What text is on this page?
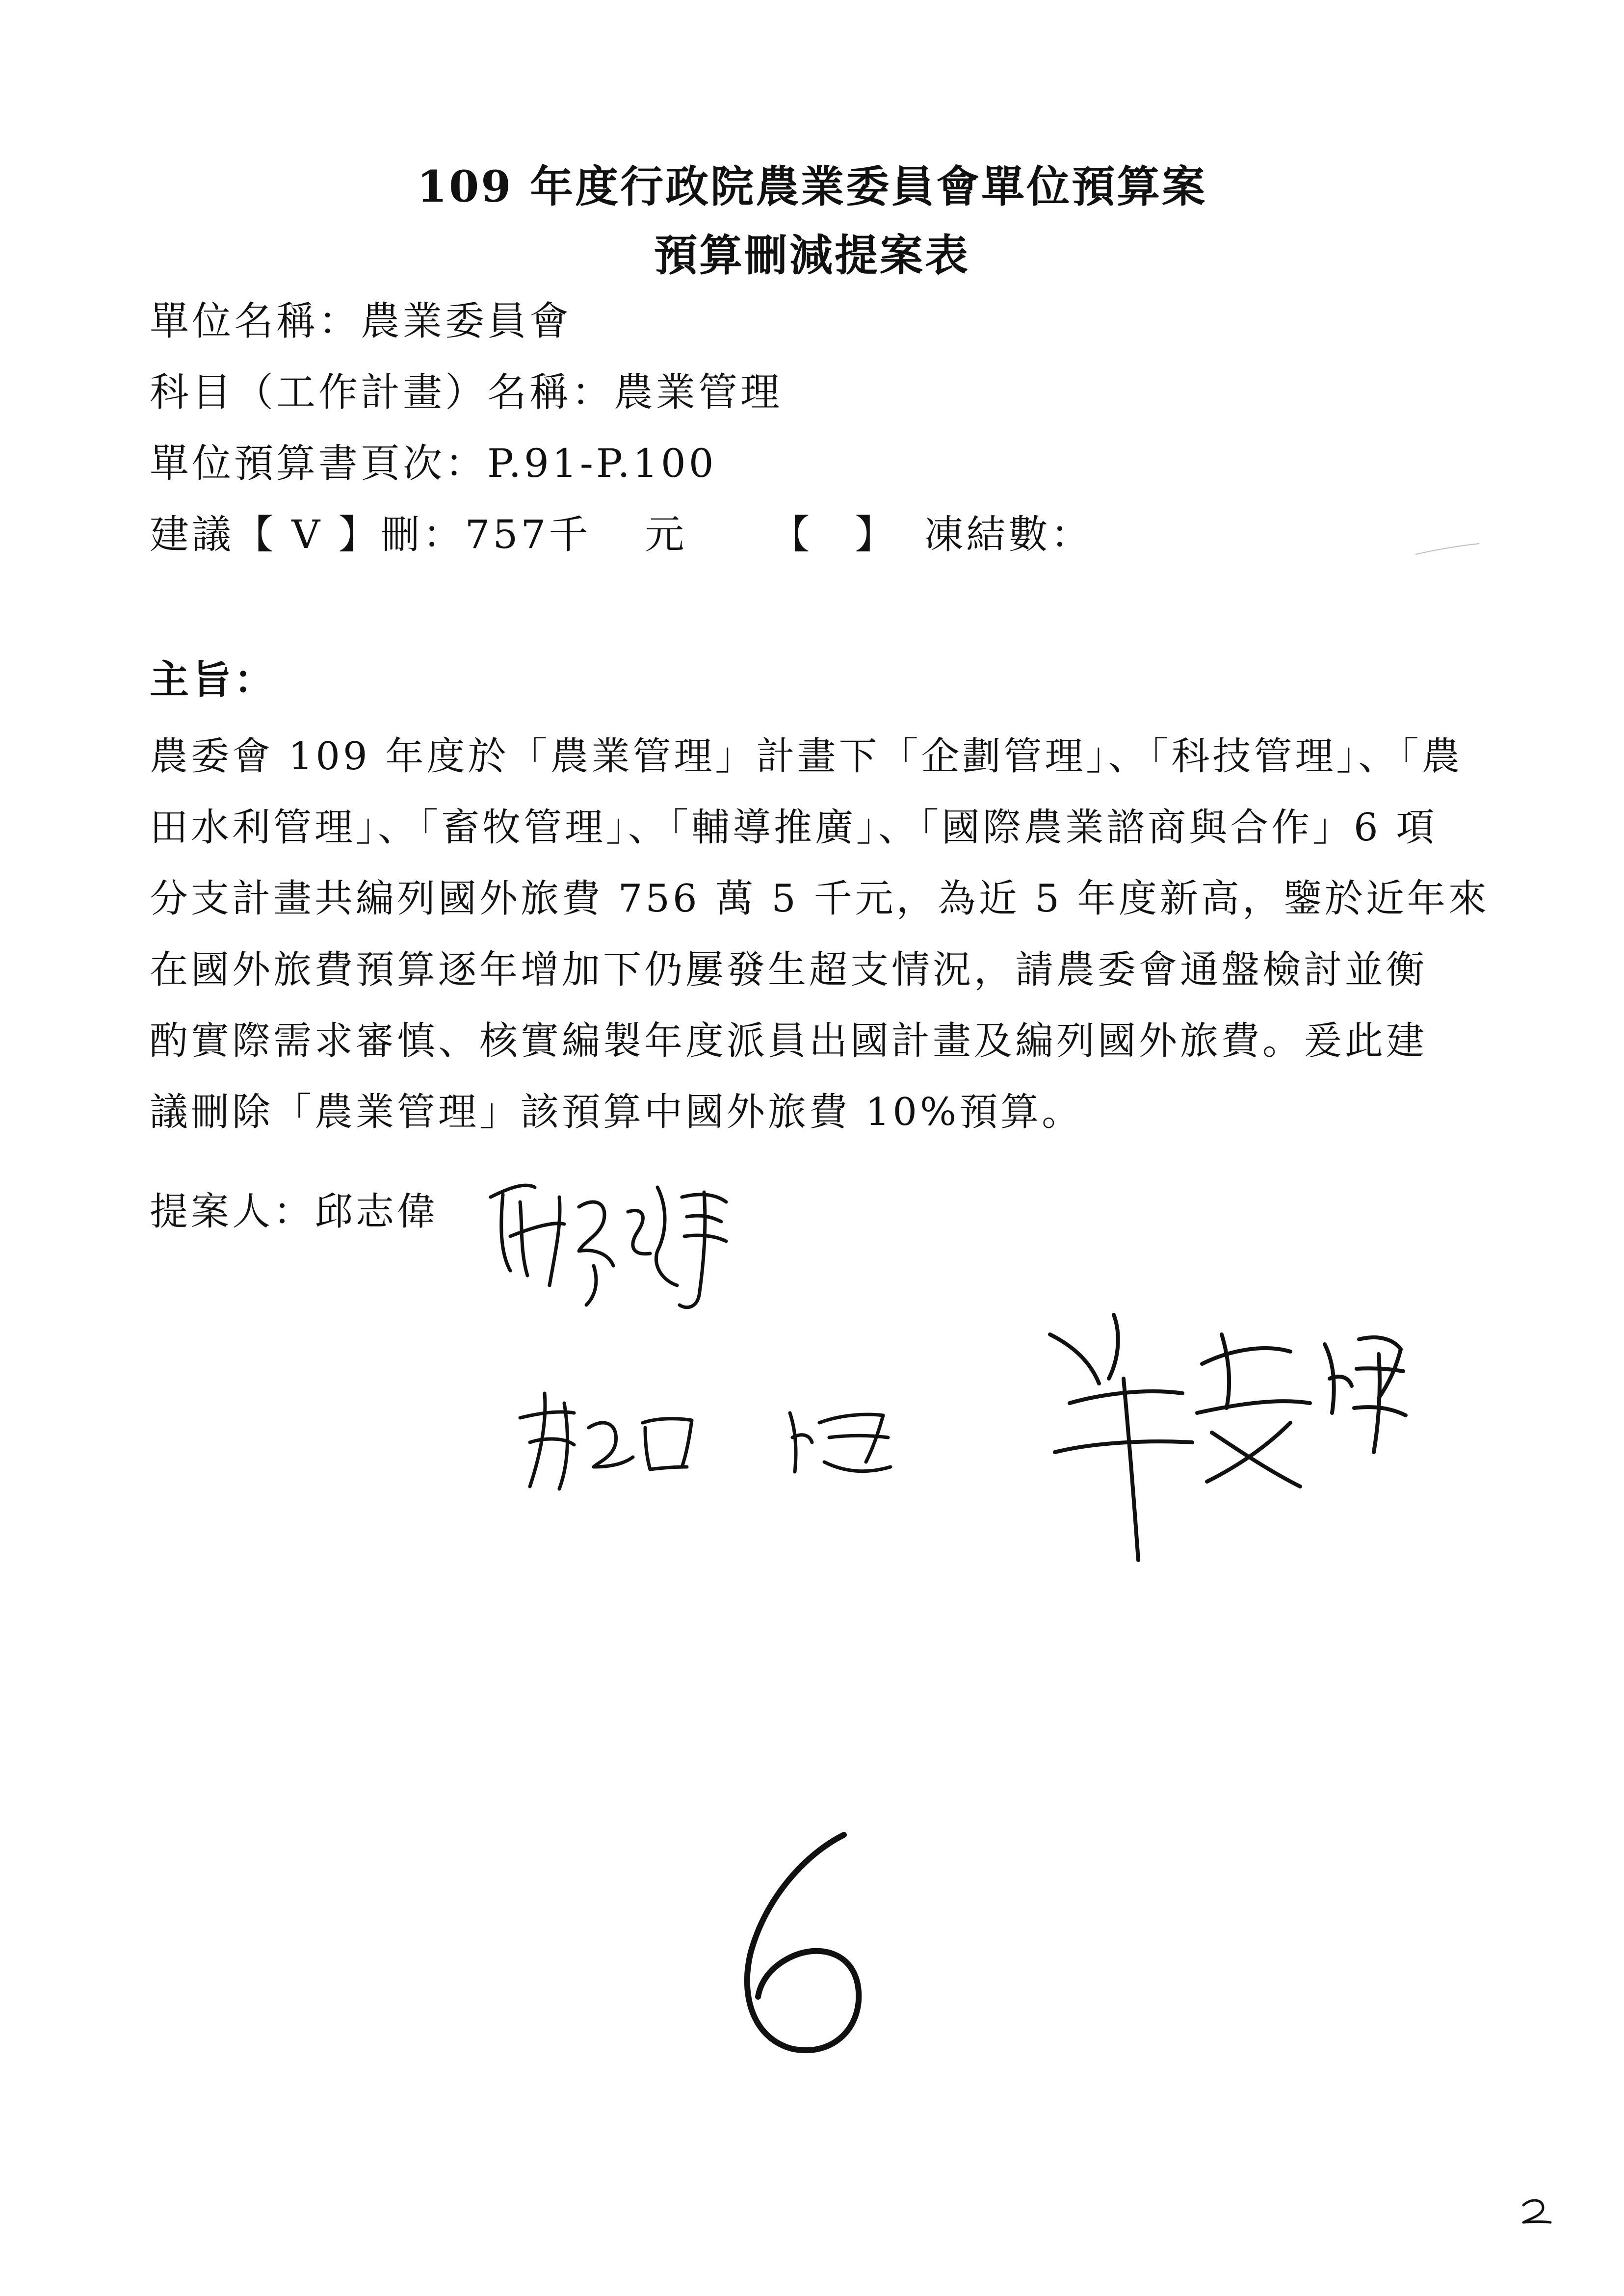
109 年度行政院農業委員會單位預算案
預算刪減提案表
單位名稱：農業委員會
科目（工作計畫）名稱：農業管理
單位預算書頁次：P.91-P.100
建議【 V 】刪：757千 元 【　】 凍結數：
主旨：
農委會 109 年度於「農業管理」計畫下「企劃管理」、「科技管理」、「農
田水利管理」、「畜牧管理」、「輔導推廣」、「國際農業諮商與合作」6 項
分支計畫共編列國外旅費 756 萬 5 千元，為近 5 年度新高，鑒於近年來
在國外旅費預算逐年增加下仍屢發生超支情況，請農委會通盤檢討並衡
酌實際需求審慎、核實編製年度派員出國計畫及編列國外旅費。爰此建
議刪除「農業管理」該預算中國外旅費 10%預算。
提案人：邱志偉
